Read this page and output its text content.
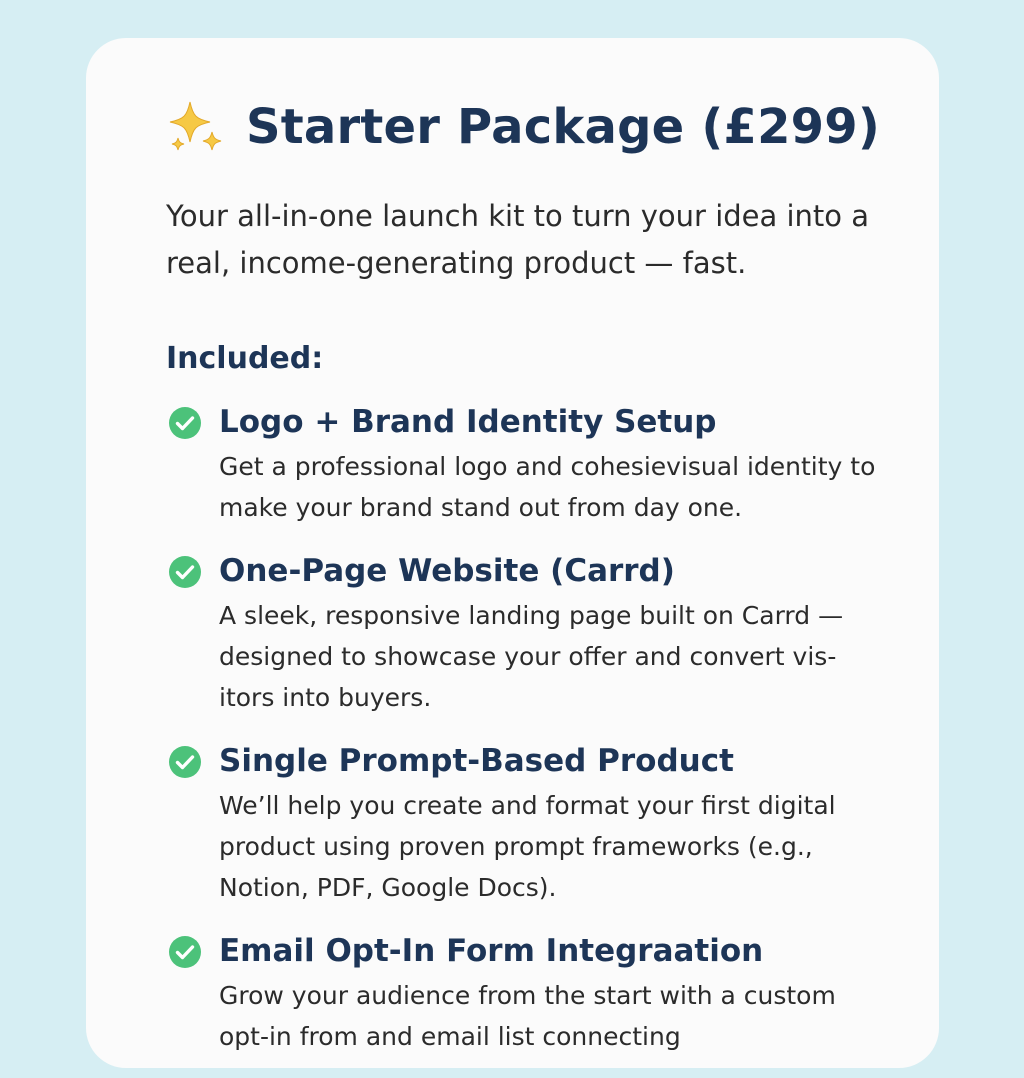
Starter Package (£299)
Your all-in-one launch kit to turn your idea into a real, income-generating product — fast.
Included:
Logo + Brand Identity Setup
Get a professional logo and cohesievisual identity to make your brand stand out from day one.
One-Page Website (Carrd)
A sleek, responsive landing page built on Carrd — designed to showcase your offer and convert vis-itors into buyers.
Single Prompt-Based Product
We’ll help you create and format your first digital product using proven prompt frameworks (e.g., Notion, PDF, Google Docs).
Email Opt-In Form Integraation
Grow your audience from the start with a custom opt-in from and email list connecting
